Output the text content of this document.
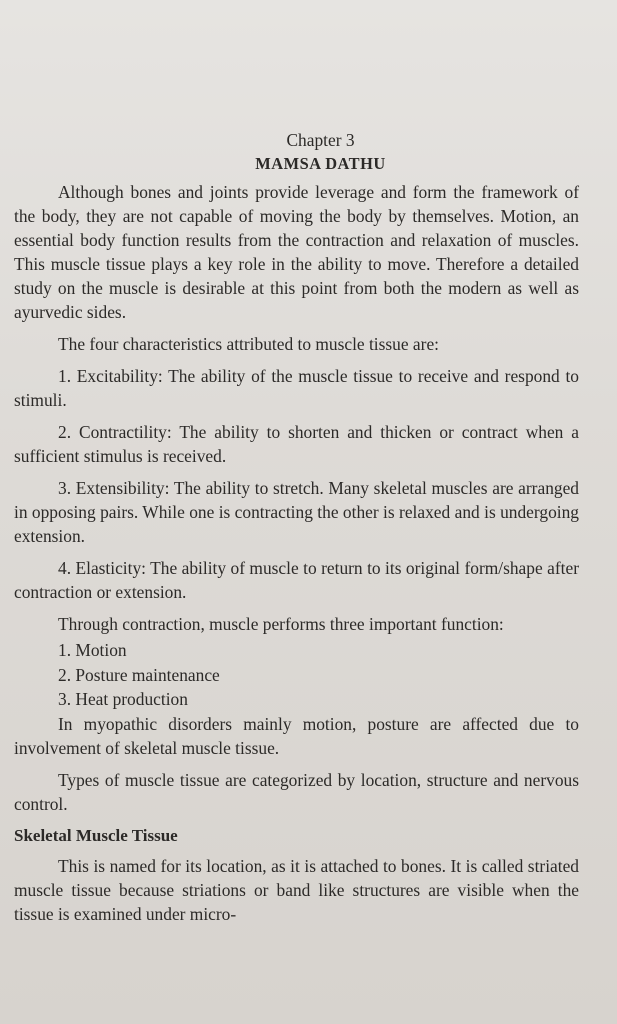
Chapter 3
MAMSA DATHU

Although bones and joints provide leverage and form the framework of the body, they are not capable of moving the body by themselves. Motion, an essential body function results from the contraction and relaxation of muscles. This muscle tissue plays a key role in the ability to move. Therefore a detailed study on the muscle is desirable at this point from both the modern as well as ayurvedic sides.

The four characteristics attributed to muscle tissue are:

1. Excitability: The ability of the muscle tissue to receive and respond to stimuli.

2. Contractility: The ability to shorten and thicken or contract when a sufficient stimulus is received.

3. Extensibility: The ability to stretch. Many skeletal muscles are arranged in opposing pairs. While one is contracting the other is relaxed and is undergoing extension.

4. Elasticity: The ability of muscle to return to its original form/shape after contraction or extension.

Through contraction, muscle performs three important function:

1. Motion
2. Posture maintenance
3. Heat production

In myopathic disorders mainly motion, posture are affected due to involvement of skeletal muscle tissue.

Types of muscle tissue are categorized by location, structure and nervous control.

Skeletal Muscle Tissue

This is named for its location, as it is attached to bones. It is called striated muscle tissue because striations or band like structures are visible when the tissue is examined under micro-
